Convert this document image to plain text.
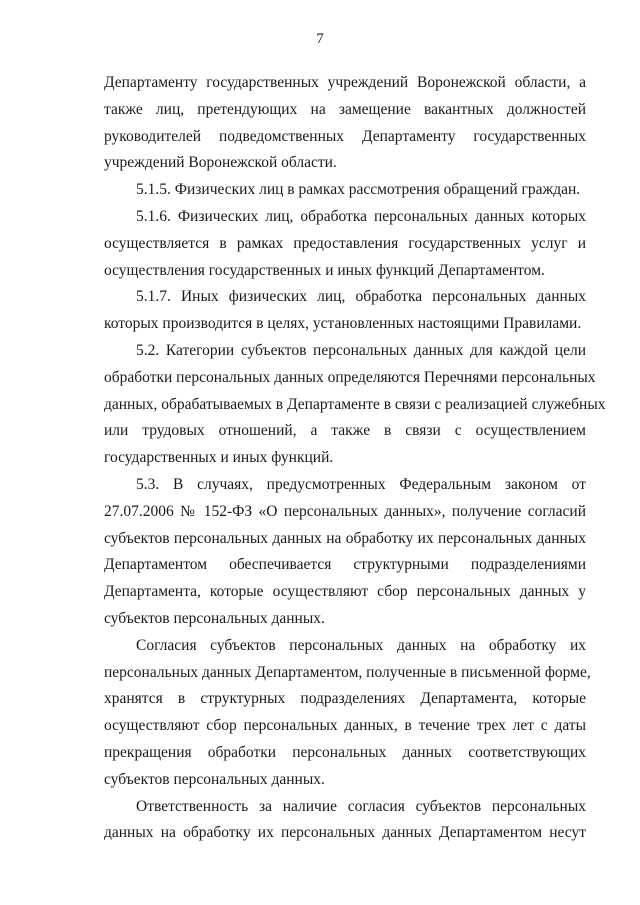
7
Департаменту государственных учреждений Воронежской области, а
также лиц, претендующих на замещение вакантных должностей
руководителей подведомственных Департаменту государственных
учреждений Воронежской области.
5.1.5. Физических лиц в рамках рассмотрения обращений граждан.
5.1.6. Физических лиц, обработка персональных данных которых
осуществляется в рамках предоставления государственных услуг и
осуществления государственных и иных функций Департаментом.
5.1.7. Иных физических лиц, обработка персональных данных
которых производится в целях, установленных настоящими Правилами.
5.2. Категории субъектов персональных данных для каждой цели
обработки персональных данных определяются Перечнями персональных
данных, обрабатываемых в Департаменте в связи с реализацией служебных
или трудовых отношений, а также в связи с осуществлением
государственных и иных функций.
5.3. В случаях, предусмотренных Федеральным законом от
27.07.2006 № 152-ФЗ «О персональных данных», получение согласий
субъектов персональных данных на обработку их персональных данных
Департаментом обеспечивается структурными подразделениями
Департамента, которые осуществляют сбор персональных данных у
субъектов персональных данных.
Согласия субъектов персональных данных на обработку их
персональных данных Департаментом, полученные в письменной форме,
хранятся в структурных подразделениях Департамента, которые
осуществляют сбор персональных данных, в течение трех лет с даты
прекращения обработки персональных данных соответствующих
субъектов персональных данных.
Ответственность за наличие согласия субъектов персональных
данных на обработку их персональных данных Департаментом несут
